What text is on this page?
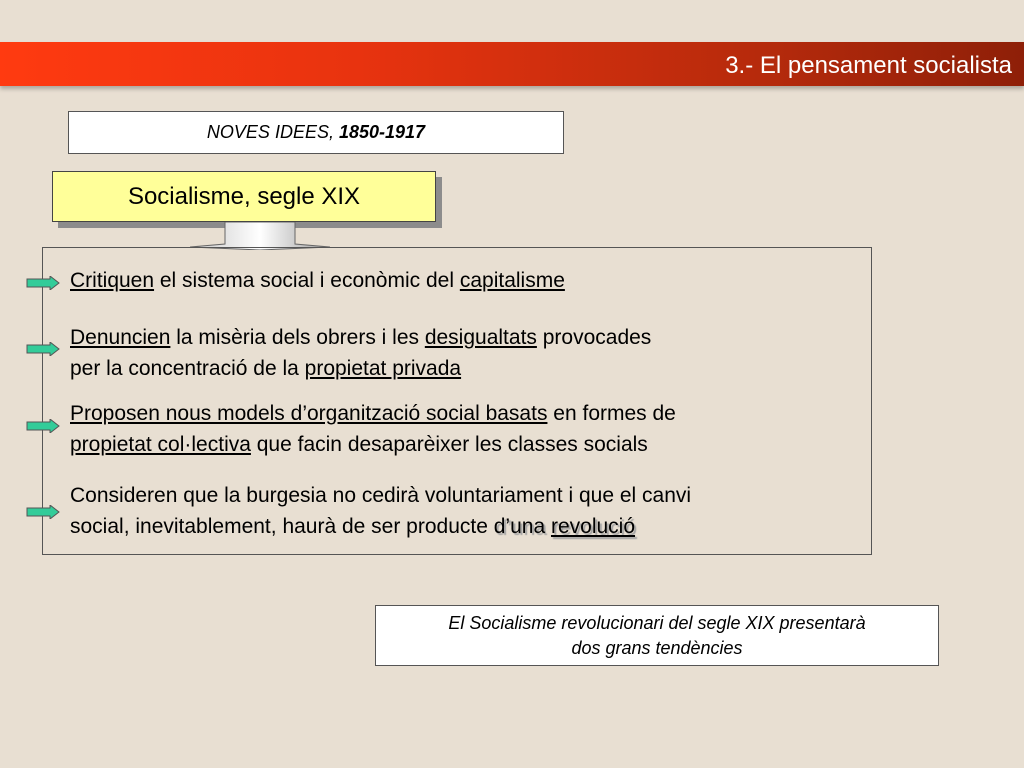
3.- El pensament socialista
NOVES IDEES, 1850-1917
Socialisme, segle XIX
Critiquen el sistema social i econòmic del capitalisme
Denuncien la misèria dels obrers i les desigualtats provocades
per la concentració de la propietat privada
Proposen nous models d’organització social basats en formes de
propietat col·lectiva que facin desaparèixer les classes socials
Consideren que la burgesia no cedirà voluntariament i que el canvi
social, inevitablement, haurà de ser producte d’una revolució
El Socialisme revolucionari del segle XIX presentarà
dos grans tendències
